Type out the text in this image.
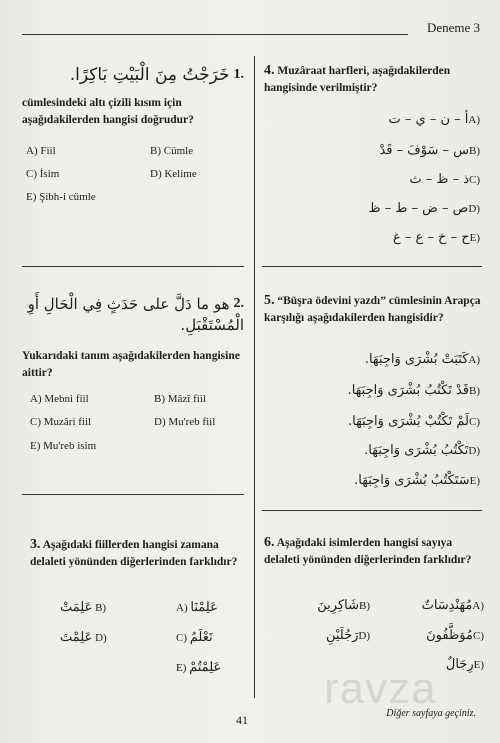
Deneme 3
خَرَجْتُ مِنَ الْبَيْتِ بَاكِرًا. 1.
cümlesindeki altı çizili kısım için aşağıdakilerden hangisi doğrudur?
A) Fiil	B) Cümle
C) İsim	D) Kelime
E) Şibh-i cümle
هو ما دَلَّ على حَدَثٍ فِي الْحَالِ أَوِ 2.
الْمُسْتَقْبَلِ.
Yukarıdaki tanım aşağıdakilerden hangisine aittir?
A) Mebni fiil	B) Mâzî fiil
C) Muzâri fiil	D) Mu'reb fiil
E) Mu'reb isim
3. Aşağıdaki fiillerden hangisi zamana delaleti yönünden diğerlerinden farklıdır?
A) عَلِمْنَا
عَلِمَتْ B)
C) تَعْلَمُ
عَلِمْتَ D)
E) عَلِمْتُمْ
4. Muzâraat harfleri, aşağıdakilerden hangisinde verilmiştir?
أ – ن – ي – تA)
س – سَوْفَ – قَدْB)
ذ – ظ – ثC)
ص – ض – ط – ظD)
ح – خ – ع – غE)
5. “Büşra ödevini yazdı” cümlesinin Arapça karşılığı aşağıdakilerden hangisidir?
كَتَبَتْ بُشْرَى وَاجِبَهَا.A)
قَدْ تَكْتُبُ بُشْرَى وَاجِبَهَا.B)
لَمْ تَكْتُبْ بُشْرَى وَاجِبَهَا.C)
تَكْتُبُ بُشْرَى وَاجِبَهَا.D)
سَتَكْتُبُ بُشْرَى وَاجِبَهَا.E)
6. Aşağıdaki isimlerden hangisi sayıya delaleti yönünden diğerlerinden farklıdır?
مُهَنْدِسَاتٌA)
شَاكِرِينَB)
مُوَظَّفُونَC)
رَجُلَيْنِD)
رِجَالٌE)
ravza
41	Diğer sayfaya geçiniz.
